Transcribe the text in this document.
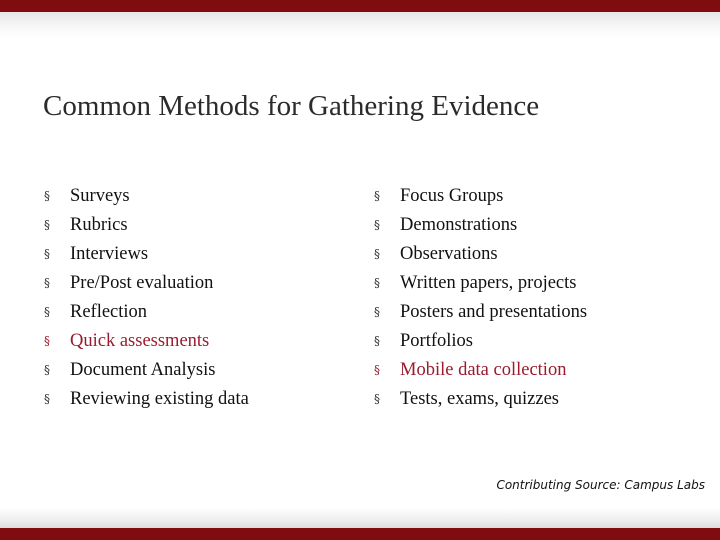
Common Methods for Gathering Evidence
§	Surveys
§	Rubrics
§	Interviews
§	Pre/Post evaluation
§	Reflection
§	Quick assessments
§	Document Analysis
§	Reviewing existing data
§	Focus Groups
§	Demonstrations
§	Observations
§	Written papers, projects
§	Posters and presentations
§	Portfolios
§	Mobile data collection
§	Tests, exams, quizzes
Contributing Source: Campus Labs
